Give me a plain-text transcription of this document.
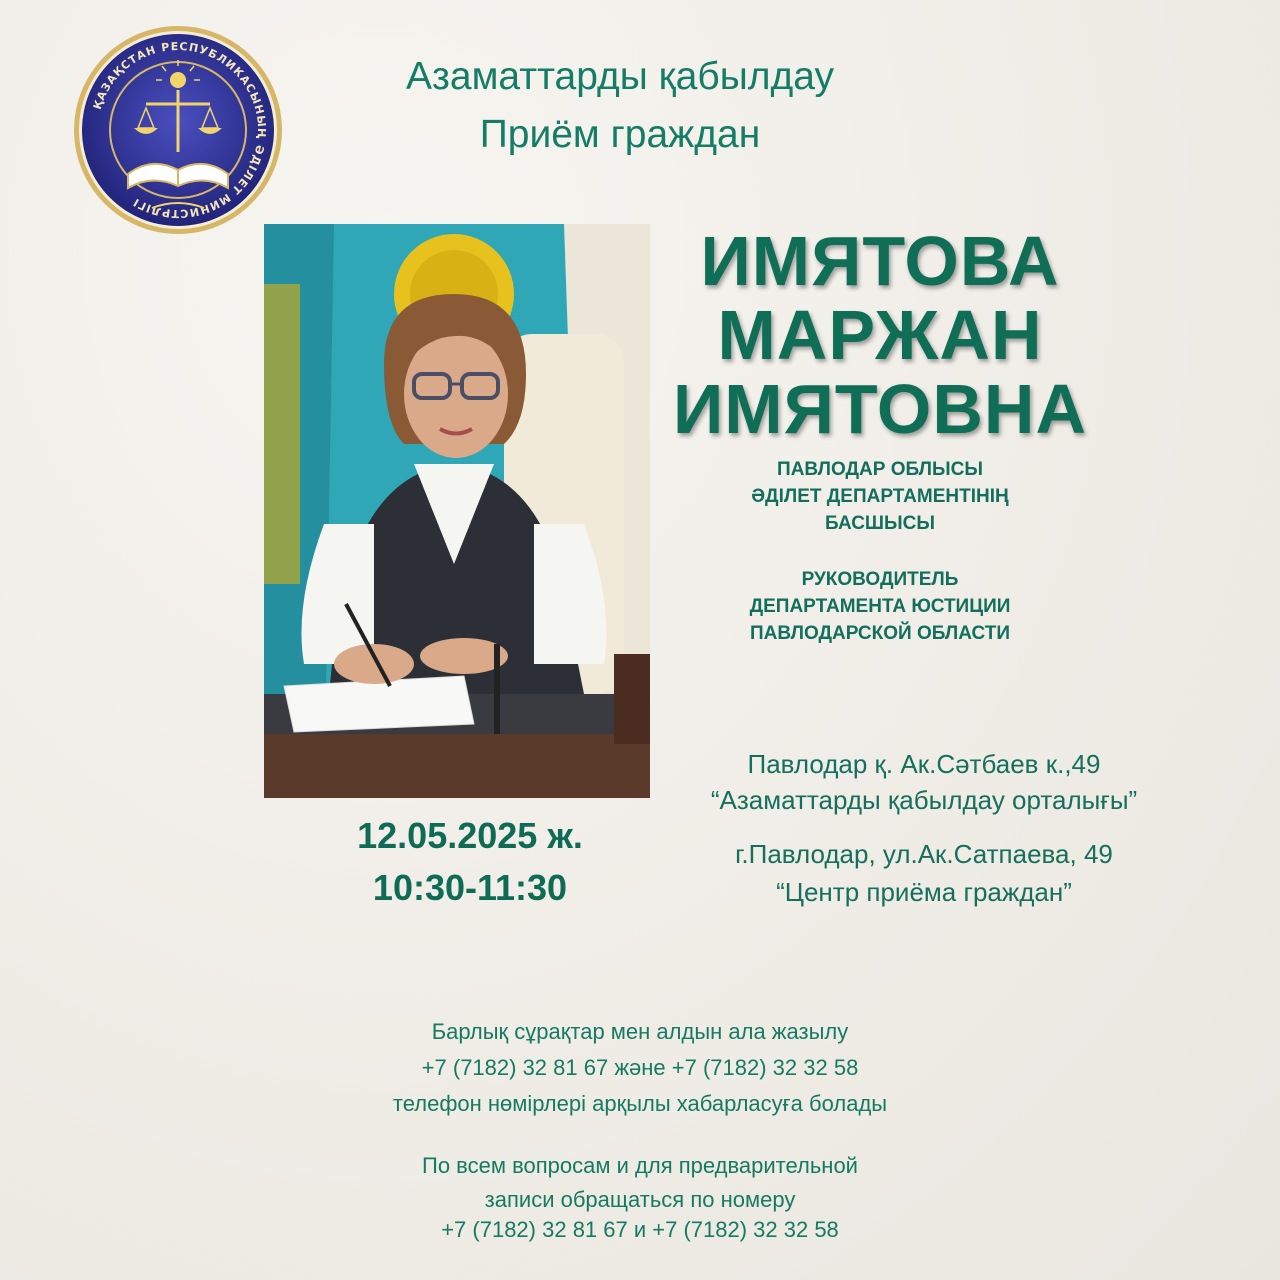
ҚАЗАҚСТАН РЕСПУБЛИКАСЫНЫҢ ӘДІЛЕТ МИНИСТРЛІГІ
Азаматтарды қабылдау
Приём граждан
ИМЯТОВА
МАРЖАН
ИМЯТОВНА
ПАВЛОДАР ОБЛЫСЫ
ӘДІЛЕТ ДЕПАРТАМЕНТІНІҢ
БАСШЫСЫ
РУКОВОДИТЕЛЬ
ДЕПАРТАМЕНТА ЮСТИЦИИ
ПАВЛОДАРСКОЙ ОБЛАСТИ
Павлодар қ. Ак.Сәтбаев к.,49
“Азаматтарды қабылдау орталығы”
г.Павлодар, ул.Ак.Сатпаева, 49
“Центр приёма граждан”
12.05.2025 ж.
10:30-11:30
Барлық сұрақтар мен алдын ала жазылу
+7 (7182) 32 81 67 және +7 (7182) 32 32 58
телефон нөмірлері арқылы хабарласуға болады
По всем вопросам и для предварительной
записи обращаться по номеру
+7 (7182) 32 81 67 и +7 (7182) 32 32 58
